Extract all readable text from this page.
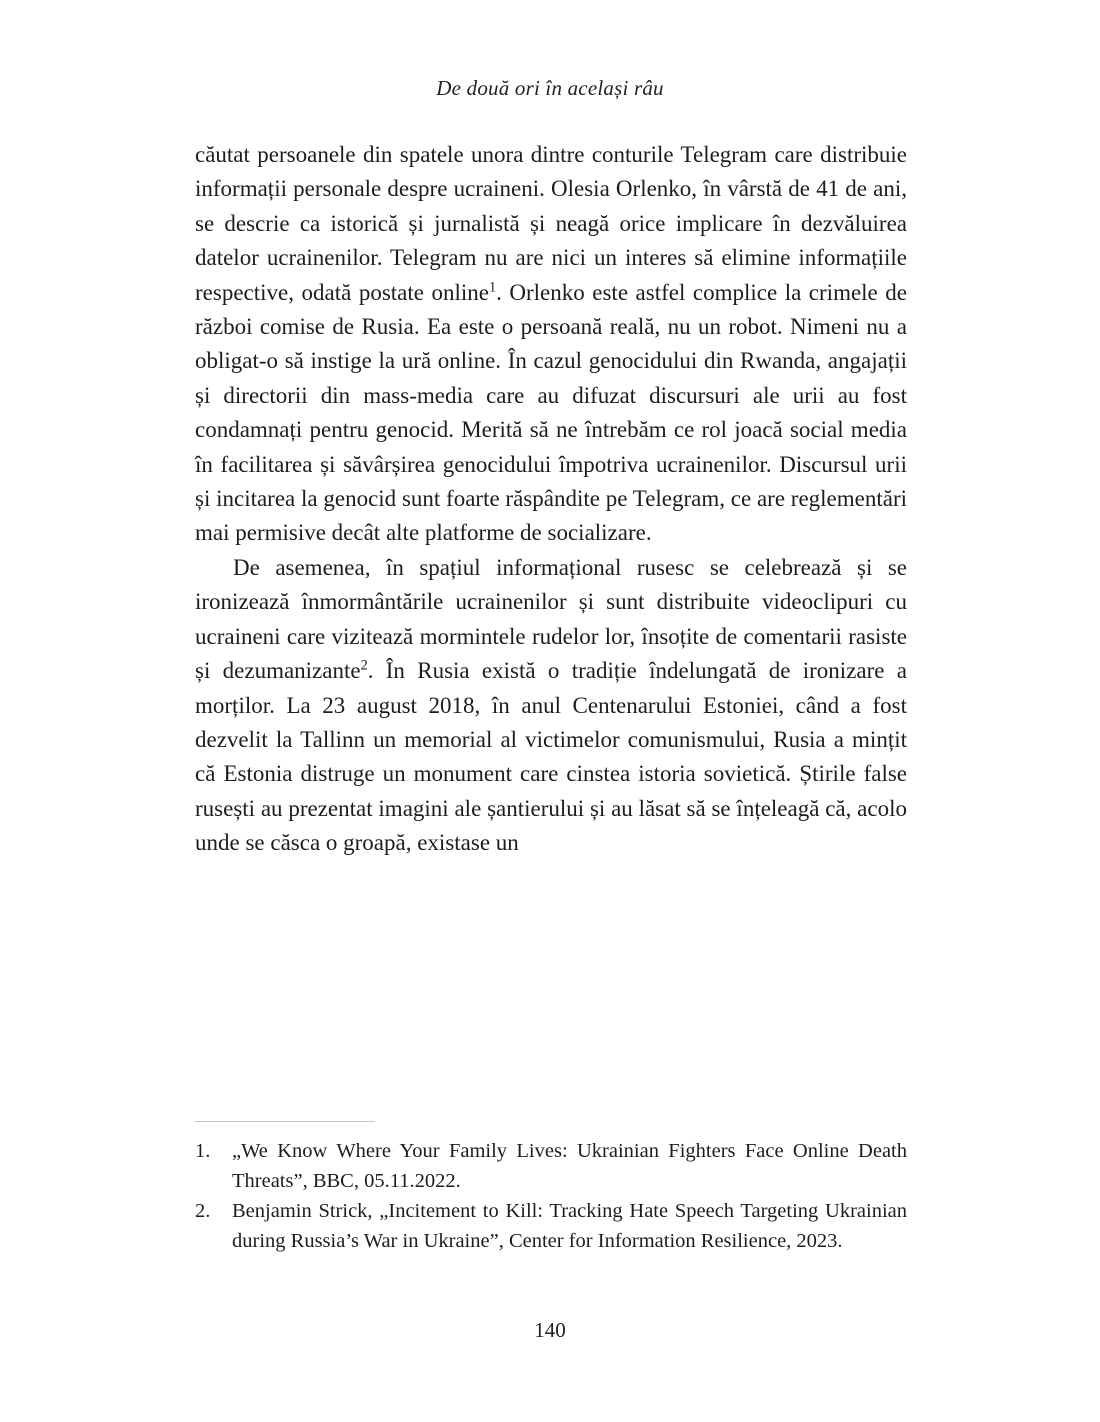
De două ori în același râu

căutat persoanele din spatele unora dintre conturile Telegram care distribuie informații personale despre ucraineni. Olesia Orlenko, în vârstă de 41 de ani, se descrie ca istorică și jurnalistă și neagă orice implicare în dezvăluirea datelor ucrainenilor. Telegram nu are nici un interes să elimine informațiile respective, odată postate online$^1$. Orlenko este astfel complice la crimele de război comise de Rusia. Ea este o persoană reală, nu un robot. Nimeni nu a obligat-o să instige la ură online. În cazul genocidului din Rwanda, angajații și directorii din mass-media care au difuzat discursuri ale urii au fost condamnați pentru genocid. Merită să ne întrebăm ce rol joacă social media în facilitarea și săvârșirea genocidului împotriva ucrainenilor. Discursul urii și incitarea la genocid sunt foarte răspândite pe Telegram, ce are reglementări mai permisive decât alte platforme de socializare.

De asemenea, în spațiul informațional rusesc se celebrează și se ironizează înmormântările ucrainenilor și sunt distribuite videoclipuri cu ucraineni care vizitează mormintele rudelor lor, însoțite de comentarii rasiste și dezumanizante$^2$. În Rusia există o tradiție îndelungată de ironizare a morților. La 23 august 2018, în anul Centenarului Estoniei, când a fost dezvelit la Tallinn un memorial al victimelor comunismului, Rusia a mințit că Estonia distruge un monument care cinstea istoria sovietică. Știrile false rusești au prezentat imagini ale șantierului și au lăsat să se înțeleagă că, acolo unde se căsca o groapă, existase un

1.	„We Know Where Your Family Lives: Ukrainian Fighters Face Online Death Threats”, BBC, 05.11.2022.
2.	Benjamin Strick, „Incitement to Kill: Tracking Hate Speech Targeting Ukrainian during Russia’s War in Ukraine”, Center for Information Resilience, 2023.
140
